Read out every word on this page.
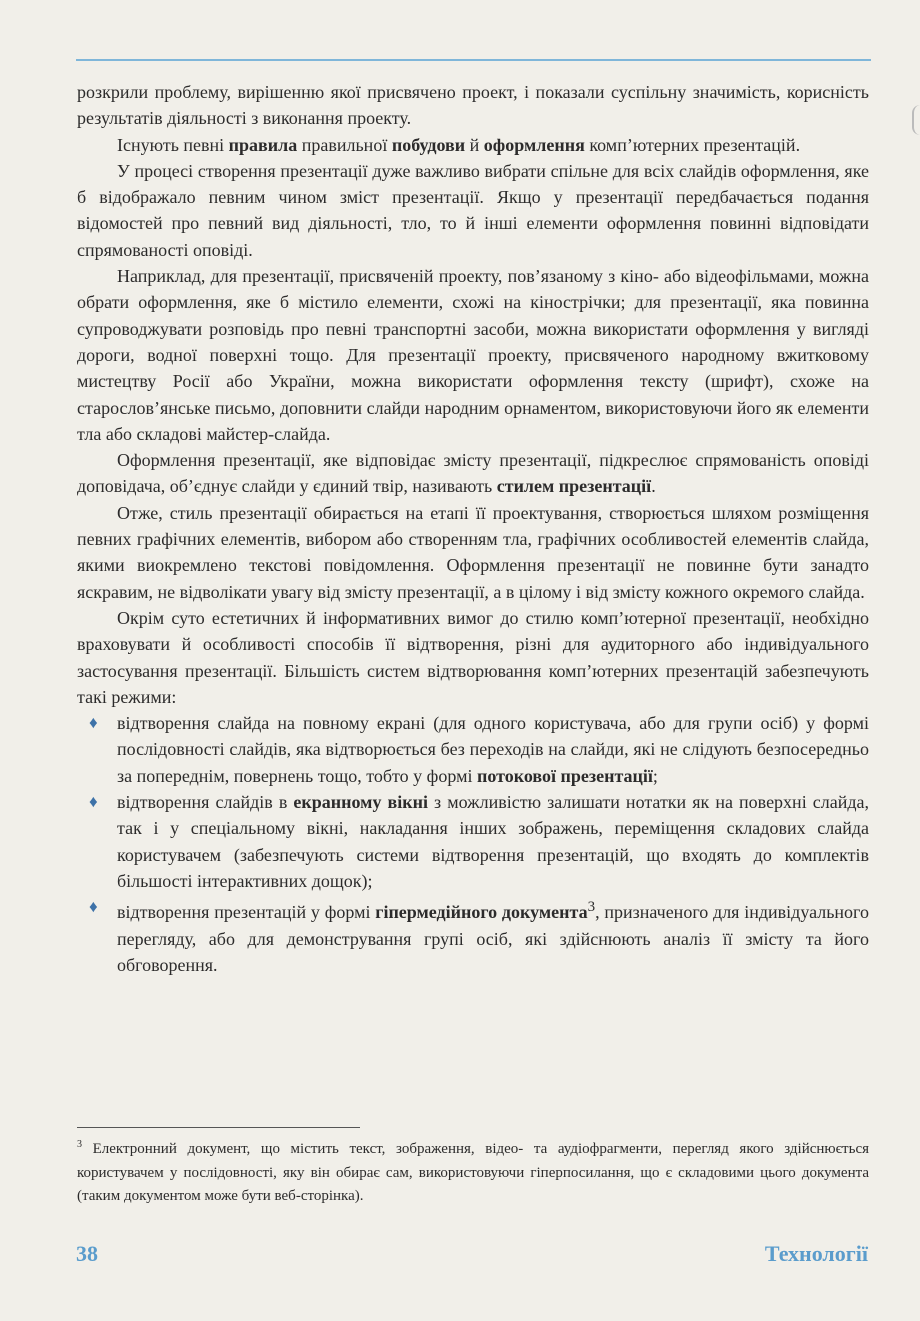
розкрили проблему, вирішенню якої присвячено проект, і показали суспільну значимість, корисність результатів діяльності з виконання проекту.

Існують певні правила правильної побудови й оформлення комп’ютерних презентацій.

У процесі створення презентації дуже важливо вибрати спільне для всіх слайдів оформлення, яке б відображало певним чином зміст презентації. Якщо у презентації передбачається подання відомостей про певний вид діяльності, тло, то й інші елементи оформлення повинні відповідати спрямованості оповіді.

Наприклад, для презентації, присвяченій проекту, пов’язаному з кіно- або відеофільмами, можна обрати оформлення, яке б містило елементи, схожі на кінострічки; для презентації, яка повинна супроводжувати розповідь про певні транспортні засоби, можна використати оформлення у вигляді дороги, водної поверхні тощо. Для презентації проекту, присвяченого народному вжитковому мистецтву Росії або України, можна використати оформлення тексту (шрифт), схоже на старослов’янське письмо, доповнити слайди народним орнаментом, використовуючи його як елементи тла або складові майстер-слайда.

Оформлення презентації, яке відповідає змісту презентації, підкреслює спрямованість оповіді доповідача, об’єднує слайди у єдиний твір, називають стилем презентації.

Отже, стиль презентації обирається на етапі її проектування, створюється шляхом розміщення певних графічних елементів, вибором або створенням тла, графічних особливостей елементів слайда, якими виокремлено текстові повідомлення. Оформлення презентації не повинне бути занадто яскравим, не відволікати увагу від змісту презентації, а в цілому і від змісту кожного окремого слайда.

Окрім суто естетичних й інформативних вимог до стилю комп’ютерної презентації, необхідно враховувати й особливості способів її відтворення, різні для аудиторного або індивідуального застосування презентації. Більшість систем відтворювання комп’ютерних презентацій забезпечують такі режими:

♦ відтворення слайда на повному екрані (для одного користувача, або для групи осіб) у формі послідовності слайдів, яка відтворюється без переходів на слайди, які не слідують безпосередньо за попереднім, повернень тощо, тобто у формі потокової презентації;
♦ відтворення слайдів в екранному вікні з можливістю залишати нотатки як на поверхні слайда, так і у спеціальному вікні, накладання інших зображень, переміщення складових слайда користувачем (забезпечують системи відтворення презентацій, що входять до комплектів більшості інтерактивних дощок);
♦ відтворення презентацій у формі гіпермедійного документа$^3$, призначеного для індивідуального перегляду, або для демонстрування групі осіб, які здійснюють аналіз її змісту та його обговорення.
$^3$ Електронний документ, що містить текст, зображення, відео- та аудіофрагменти, перегляд якого здійснюється користувачем у послідовності, яку він обирає сам, використовуючи гіперпосилання, що є складовими цього документа (таким документом може бути веб-сторінка).
38	Технології
